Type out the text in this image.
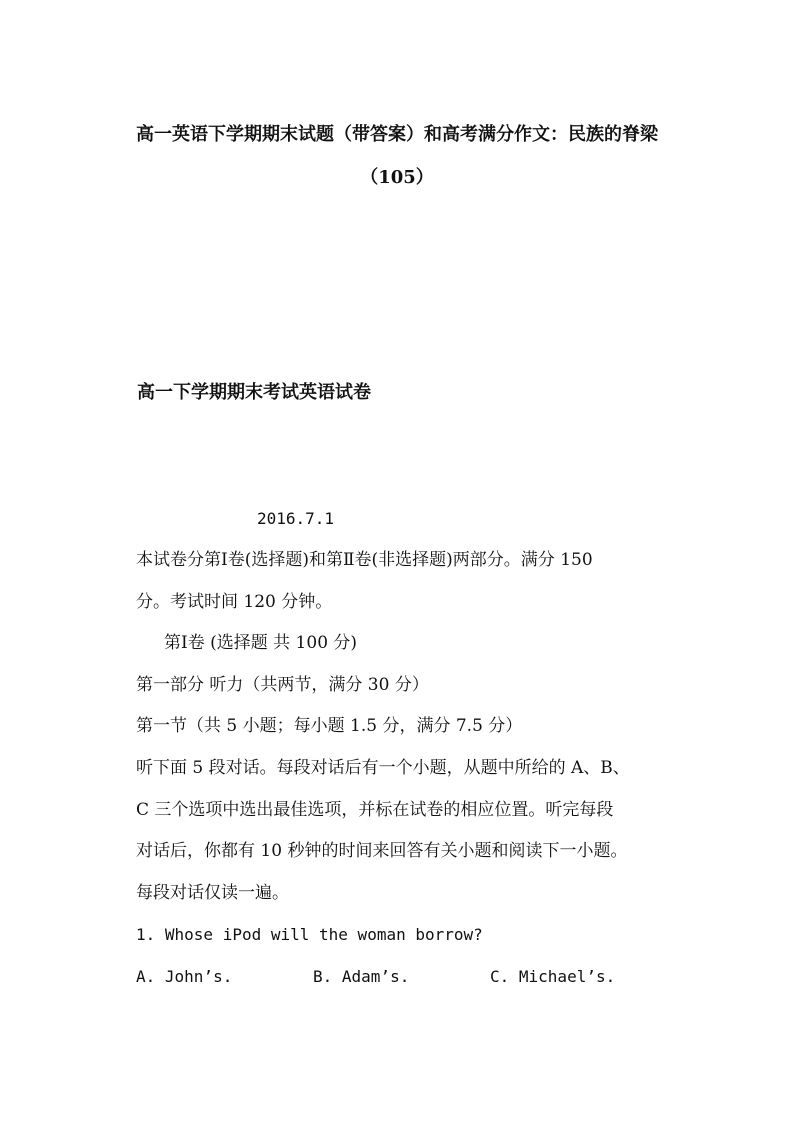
高一英语下学期期末试题（带答案）和高考满分作文：民族的脊梁
（105）
高一下学期期末考试英语试卷
2016.7.1
本试卷分第Ⅰ卷(选择题)和第Ⅱ卷(非选择题)两部分。满分 150
分。考试时间 120 分钟。
第Ⅰ卷 (选择题 共 100 分)
第一部分 听力（共两节，满分 30 分）
第一节（共 5 小题；每小题 1.5 分，满分 7.5 分）
听下面 5 段对话。每段对话后有一个小题，从题中所给的 A、B、
C 三个选项中选出最佳选项，并标在试卷的相应位置。听完每段
对话后，你都有 10 秒钟的时间来回答有关小题和阅读下一小题。
每段对话仅读一遍。
1. Whose iPod will the woman borrow?
A. John’s.	B. Adam’s.	C. Michael’s.
